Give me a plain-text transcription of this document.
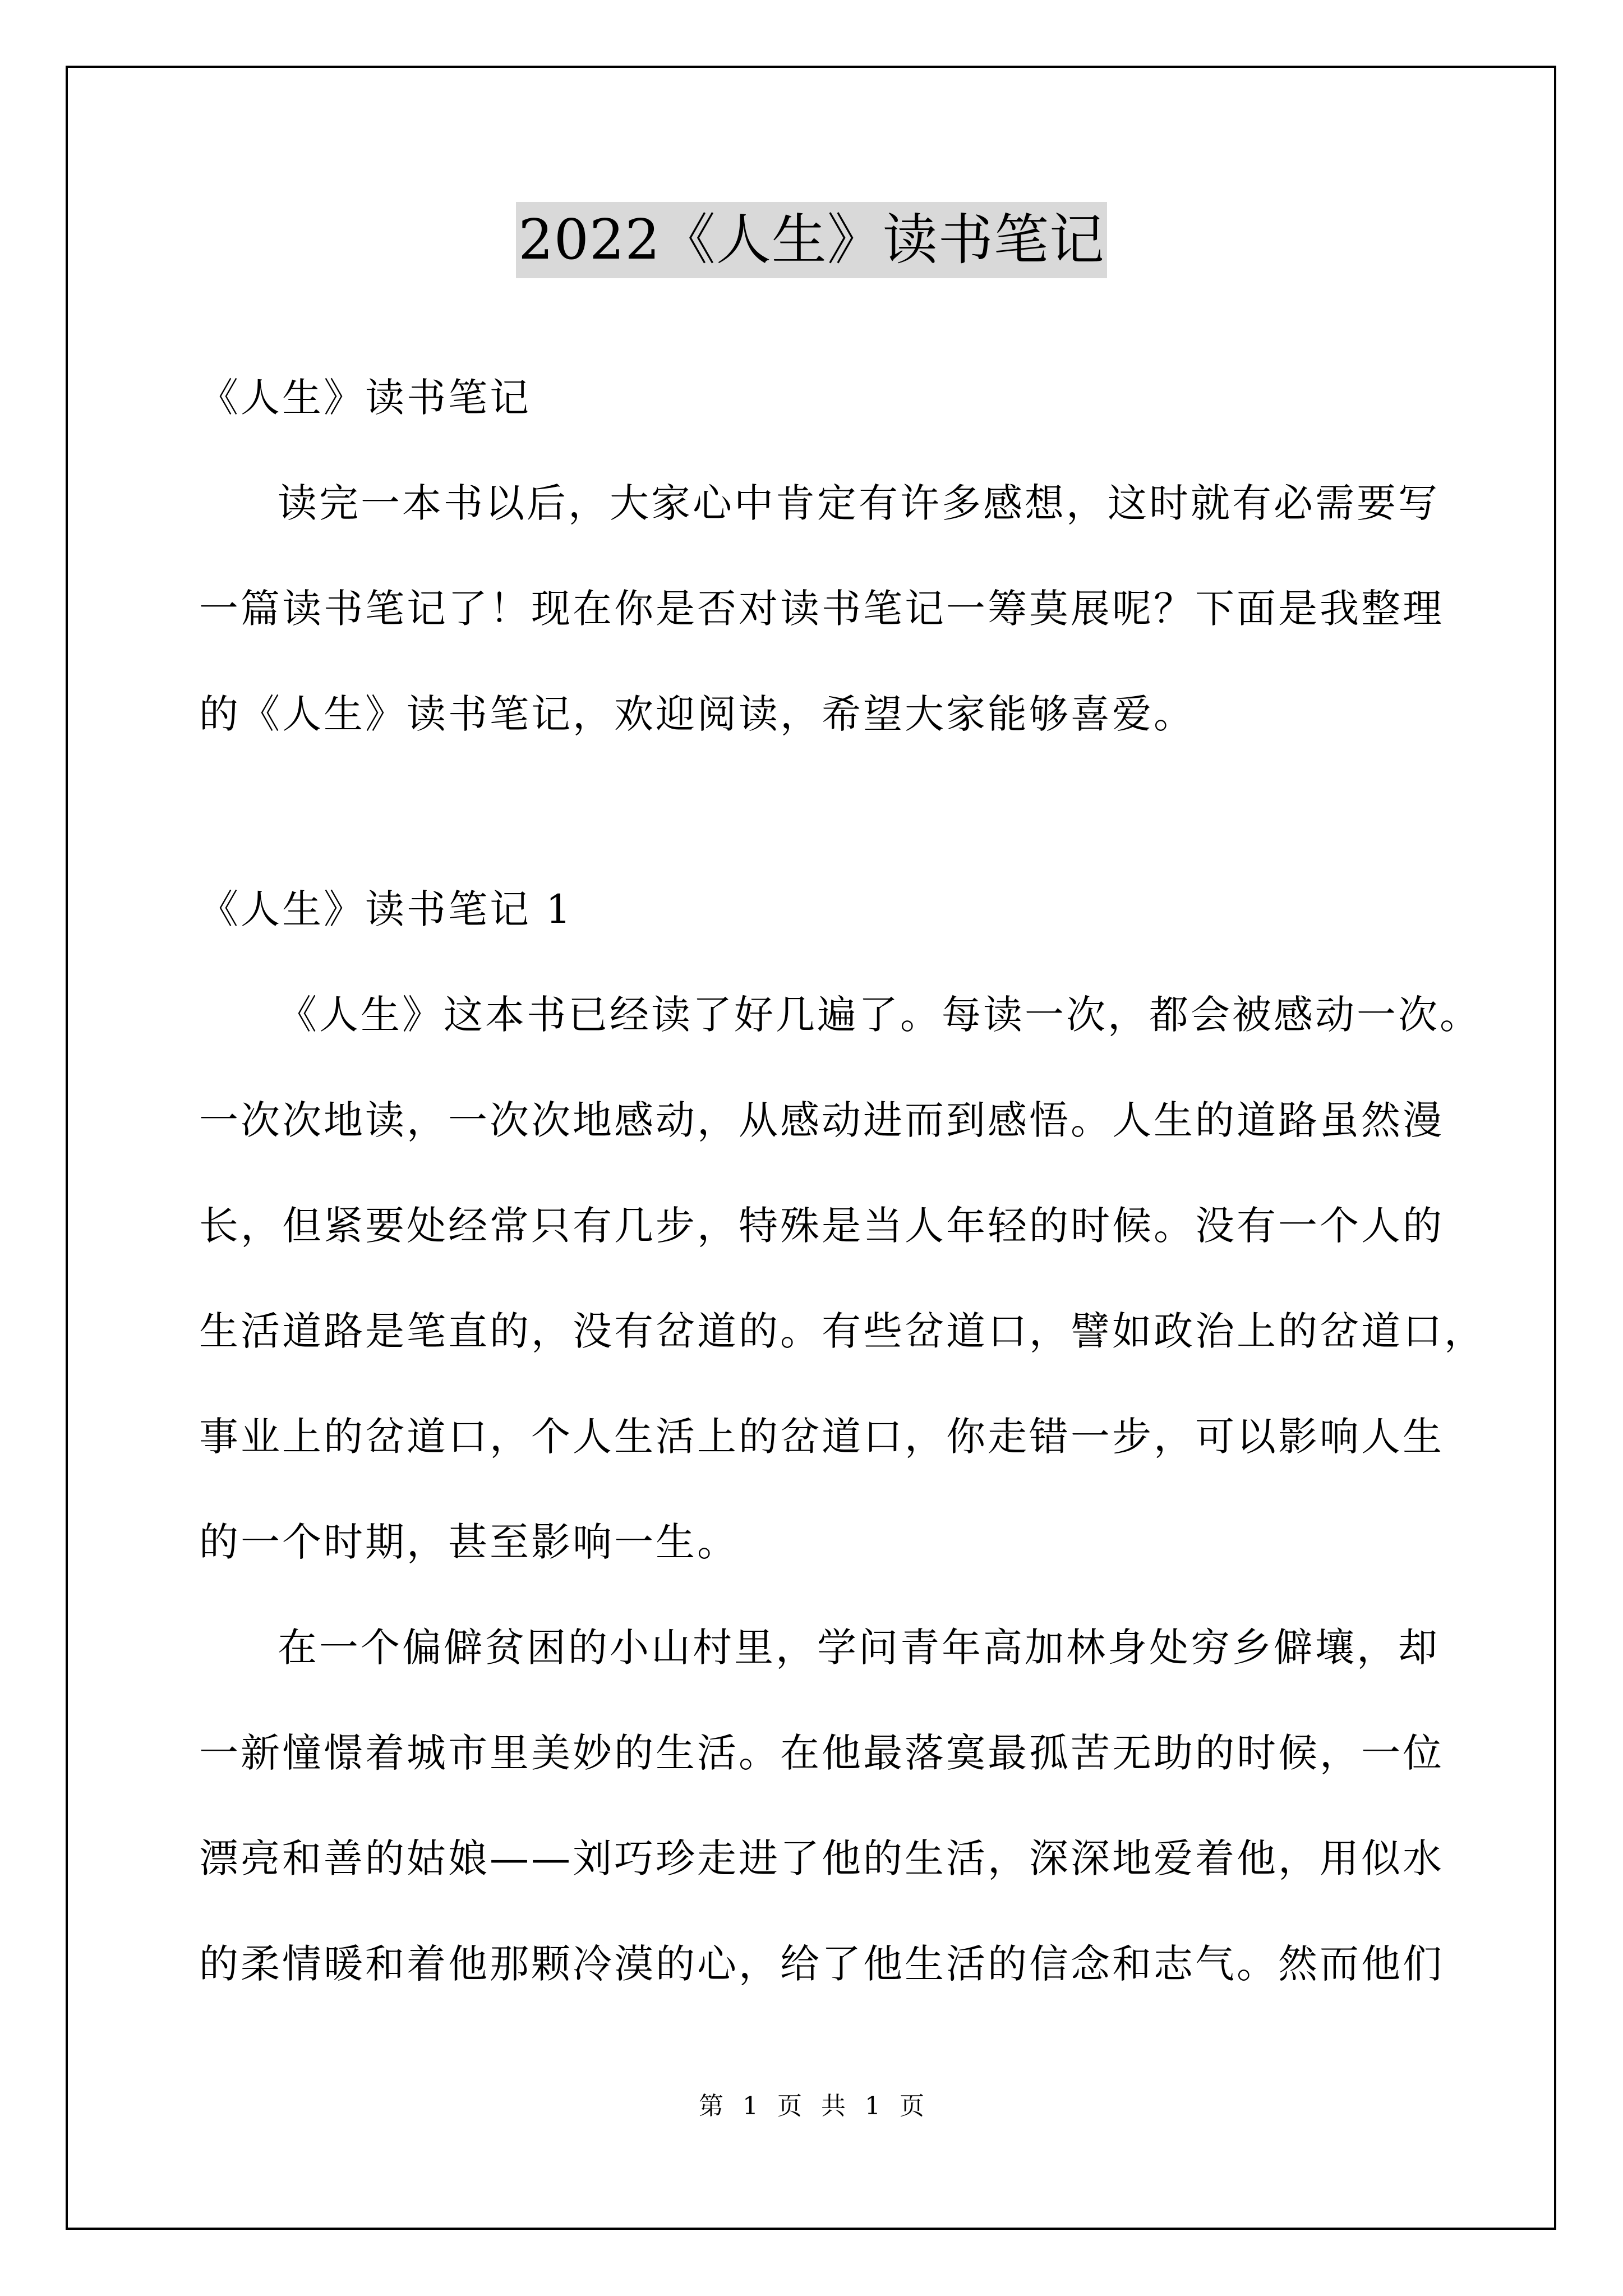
2022《人生》读书笔记
《人生》读书笔记
读完一本书以后，大家心中肯定有许多感想，这时就有必需要写
一篇读书笔记了！现在你是否对读书笔记一筹莫展呢？下面是我整理
的《人生》读书笔记，欢迎阅读，希望大家能够喜爱。
《人生》读书笔记 1
《人生》这本书已经读了好几遍了。每读一次，都会被感动一次。
一次次地读，一次次地感动，从感动进而到感悟。人生的道路虽然漫
长，但紧要处经常只有几步，特殊是当人年轻的时候。没有一个人的
生活道路是笔直的，没有岔道的。有些岔道口，譬如政治上的岔道口，
事业上的岔道口，个人生活上的岔道口，你走错一步，可以影响人生
的一个时期，甚至影响一生。
在一个偏僻贫困的小山村里，学问青年高加林身处穷乡僻壤，却
一新憧憬着城市里美妙的生活。在他最落寞最孤苦无助的时候，一位
漂亮和善的姑娘——刘巧珍走进了他的生活，深深地爱着他，用似水
的柔情暖和着他那颗冷漠的心，给了他生活的信念和志气。然而他们
第 1 页 共 1 页
